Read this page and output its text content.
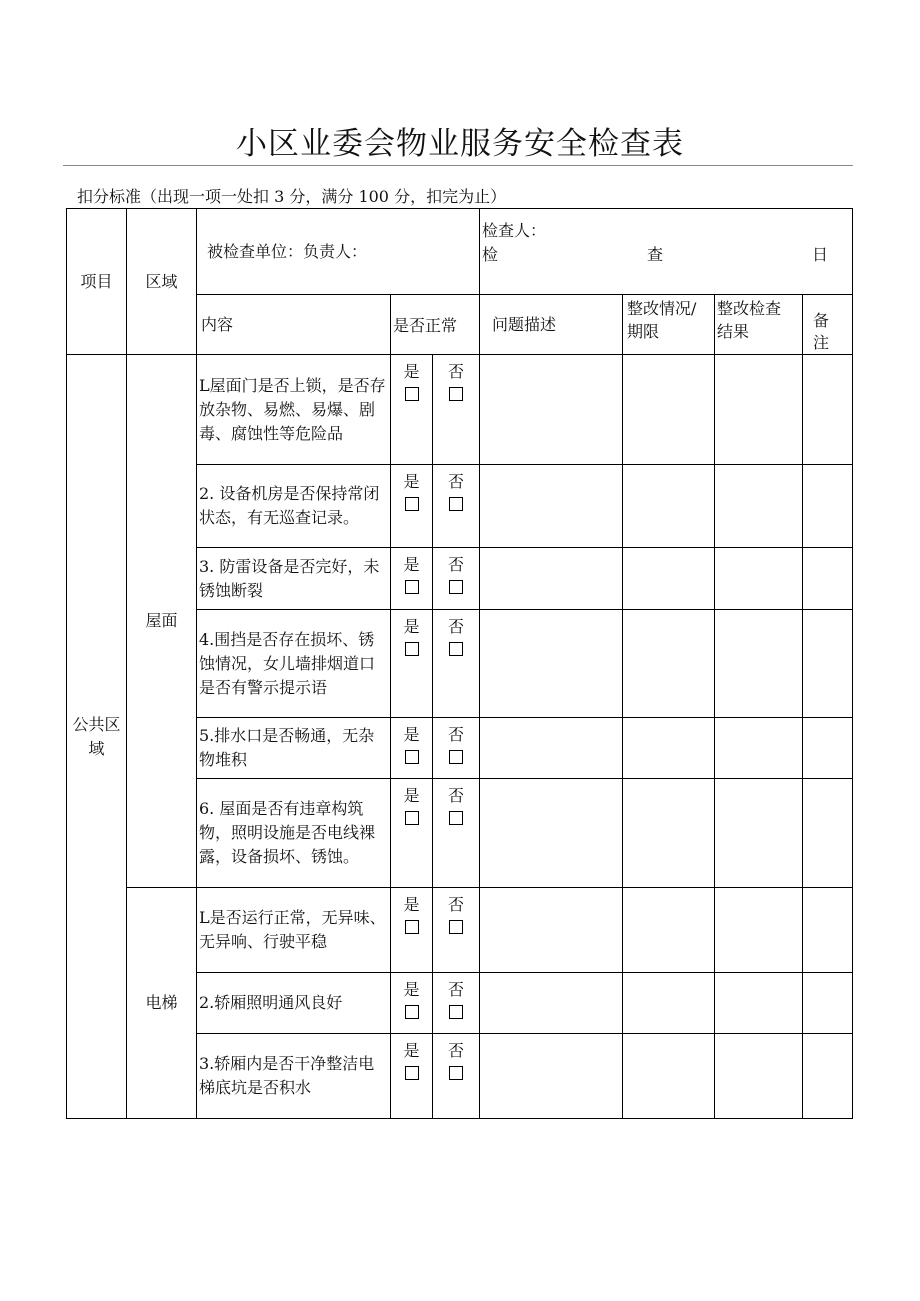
小区业委会物业服务安全检查表
扣分标准（出现一项一处扣 3 分，满分 100 分，扣完为止）
项目	区域	被检查单位：负责人：			检查人：
检 查 日			

		内容	是否正常		问题描述	整改情况/期限	整改检查结果	备注
公共区域	屋面	L屋面门是否上锁，是否存放杂物、易燃、易爆、剧毒、腐蚀性等危险品	是	否				

		2. 设备机房是否保持常闭状态，有无巡查记录。	是	否				

		3. 防雷设备是否完好，未锈蚀断裂	是	否				

		4.围挡是否存在损坏、锈蚀情况，女儿墙排烟道口是否有警示提示语	是	否				

		5.排水口是否畅通，无杂物堆积	是	否				

		6. 屋面是否有违章构筑物，照明设施是否电线裸露，设备损坏、锈蚀。	是	否				

	电梯	L是否运行正常，无异味、无异响、行驶平稳	是	否				

		2.轿厢照明通风良好	是	否				

		3.轿厢内是否干净整洁电梯底坑是否积水	是	否				
